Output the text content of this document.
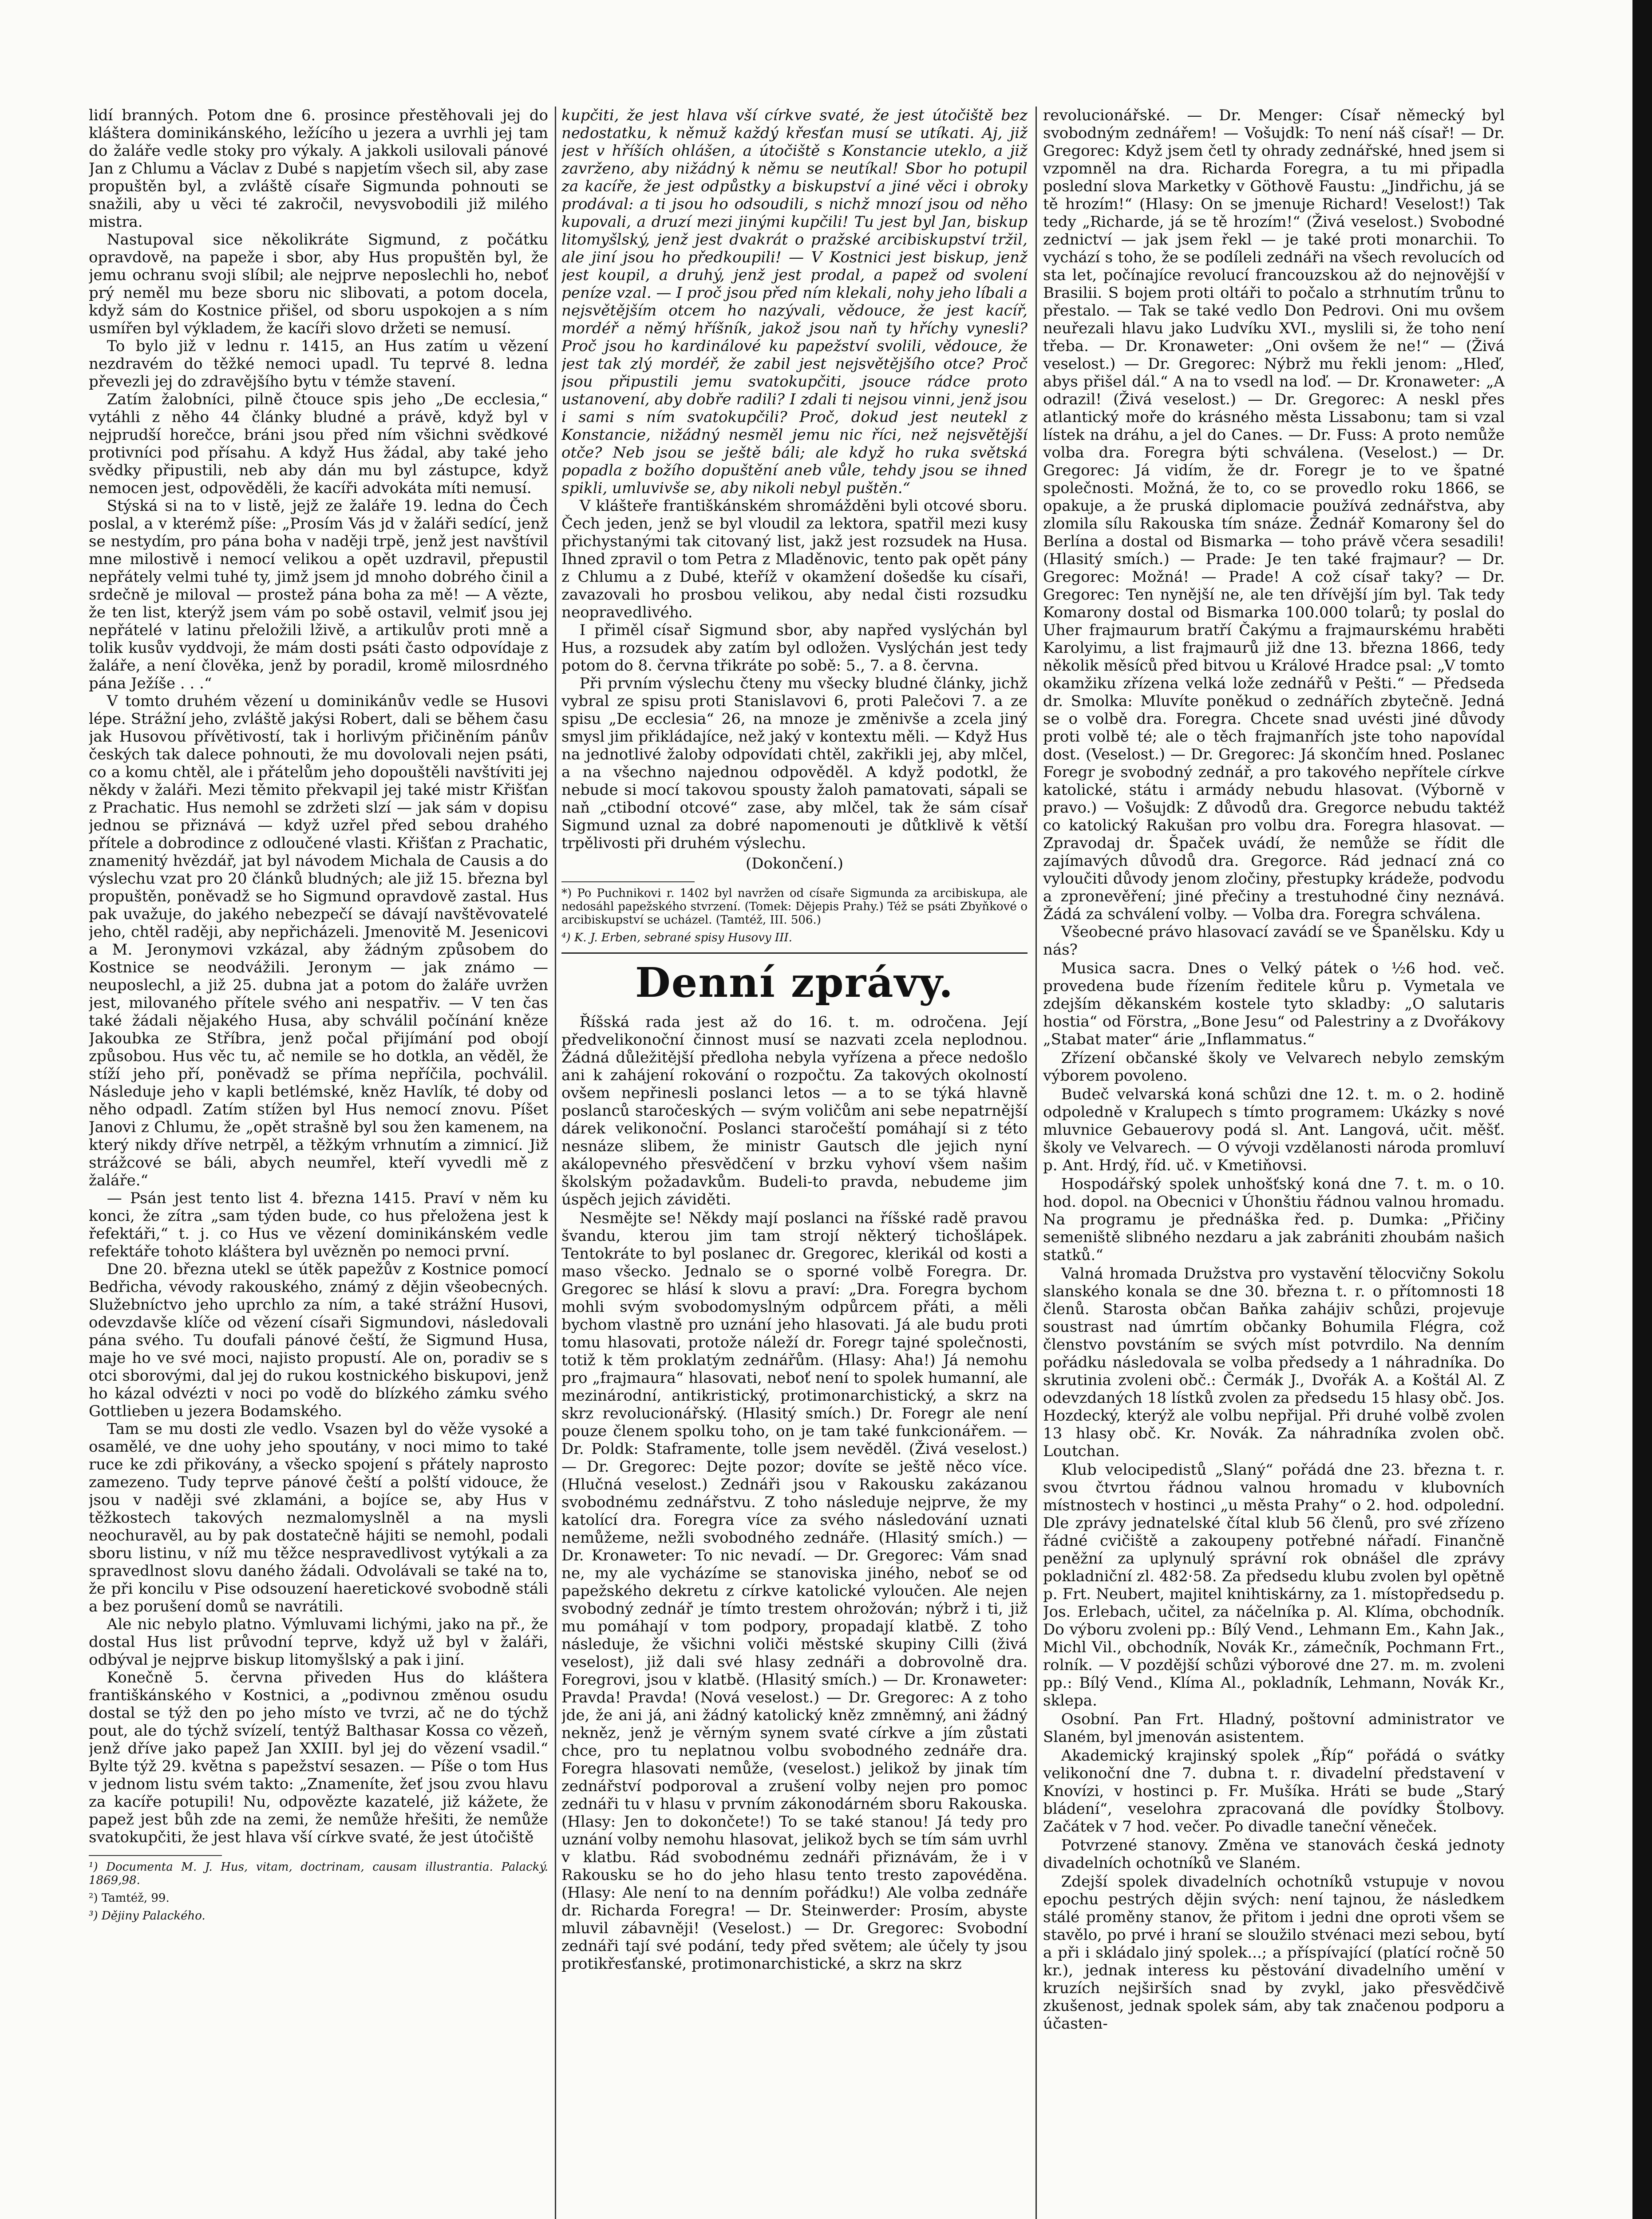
lidí branných. Potom dne 6. prosince přestěhovali jej do kláštera dominikánského, ležícího u jezera a uvrhli jej tam do žaláře vedle stoky pro výkaly. A jakkoli usilovali pánové Jan z Chlumu a Václav z Dubé s napjetím všech sil, aby zase propuštěn byl, a zvláště císaře Sigmunda pohnouti se snažili, aby u věci té zakročil, nevysvobodili již milého mistra.

Nastupoval sice několikráte Sigmund, z počátku opravdově, na papeže i sbor, aby Hus propuštěn byl, že jemu ochranu svoji slíbil; ale nejprve neposlechli ho, neboť prý neměl mu beze sboru nic slibovati, a potom docela, když sám do Kostnice přišel, od sboru uspokojen a s ním usmířen byl výkladem, že kacíři slovo držeti se nemusí.

To bylo již v lednu r. 1415, an Hus zatím u vězení nezdravém do těžké nemoci upadl. Tu teprvé 8. ledna převezli jej do zdravějšího bytu v témže stavení.

Zatím žalobníci, pilně čtouce spis jeho „De ecclesia,“ vytáhli z něho 44 články bludné a právě, když byl v nejprudší horečce, bráni jsou před ním všichni svědkové protivníci pod přísahu. A když Hus žádal, aby také jeho svědky připustili, neb aby dán mu byl zástupce, když nemocen jest, odpověděli, že kacíři advokáta míti nemusí.

Stýská si na to v listě, jejž ze žaláře 19. ledna do Čech poslal, a v kterémž píše: „Prosím Vás jd v žaláři sedící, jenž se nestydím, pro pána boha v naději trpě, jenž jest navštívil mne milostivě i nemocí velikou a opět uzdravil, přepustil nepřátely velmi tuhé ty, jimž jsem jd mnoho dobrého činil a srdečně je miloval — prostež pána boha za mě! — A vězte, že ten list, kterýž jsem vám po sobě ostavil, velmiť jsou jej nepřátelé v latinu přeložili lživě, a artikulův proti mně a tolik kusův vyddvoji, že mám dosti psáti často odpovídaje z žaláře, a není člověka, jenž by poradil, kromě milosrdného pána Ježíše . . .“

V tomto druhém vězení u dominikánův vedle se Husovi lépe. Strážní jeho, zvláště jakýsi Robert, dali se během času jak Husovou přívětivostí, tak i horlivým přičiněním pánův českých tak dalece pohnouti, že mu dovolovali nejen psáti, co a komu chtěl, ale i přátelům jeho dopouštěli navštíviti jej někdy v žaláři. Mezi těmito překvapil jej také mistr Křišťan z Prachatic. Hus nemohl se zdržeti slzí — jak sám v dopisu jednou se přiznává — když uzřel před sebou drahého přítele a dobrodince z odloučené vlasti. Křišťan z Prachatic, znamenitý hvězdář, jat byl návodem Michala de Causis a do výslechu vzat pro 20 článků bludných; ale již 15. března byl propuštěn, poněvadž se ho Sigmund opravdově zastal. Hus pak uvažuje, do jakého nebezpečí se dávají navštěvovatelé jeho, chtěl raději, aby nepřicházeli. Jmenovitě M. Jesenicovi a M. Jeronymovi vzkázal, aby žádným způsobem do Kostnice se neodvážili. Jeronym — jak známo — neuposlechl, a již 25. dubna jat a potom do žaláře uvržen jest, milovaného přítele svého ani nespatřiv. — V ten čas také žádali nějakého Husa, aby schválil počínání kněze Jakoubka ze Stříbra, jenž počal přijímání pod obojí způsobou. Hus věc tu, ač nemile se ho dotkla, an věděl, že stíží jeho pří, poněvadž se příma nepříčila, pochválil. Následuje jeho v kapli betlémské, kněz Havlík, té doby od něho odpadl. Zatím stížen byl Hus nemocí znovu. Píšet Janovi z Chlumu, že „opět strašně byl sou žen kamenem, na který nikdy dříve netrpěl, a těžkým vrhnutím a zimnicí. Již strážcové se báli, abych neumřel, kteří vyvedli mě z žaláře.“

— Psán jest tento list 4. března 1415. Praví v něm ku konci, že zítra „sam týden bude, co hus přeložena jest k řefektáři,“ t. j. co Hus ve vězení dominikánském vedle refektáře tohoto kláštera byl uvězněn po nemoci první.

Dne 20. března utekl se útěk papežův z Kostnice pomocí Bedřicha, vévody rakouského, známý z dějin všeobecných. Služebníctvo jeho uprchlo za ním, a také strážní Husovi, odevzdavše klíče od vězení císaři Sigmundovi, následovali pána svého. Tu doufali pánové čeští, že Sigmund Husa, maje ho ve své moci, najisto propustí. Ale on, poradiv se s otci sborovými, dal jej do rukou kostnického biskupovi, jenž ho kázal odvézti v noci po vodě do blízkého zámku svého Gottlieben u jezera Bodamského.

Tam se mu dosti zle vedlo. Vsazen byl do věže vysoké a osamělé, ve dne uohy jeho spoutány, v noci mimo to také ruce ke zdi přikovány, a všecko spojení s přátely naprosto zamezeno. Tudy teprve pánové čeští a polští vidouce, že jsou v naději své zklamáni, a bojíce se, aby Hus v těžkostech takových nezmalomyslněl a na mysli neochuravěl, au by pak dostatečně hájiti se nemohl, podali sboru listinu, v níž mu těžce nespravedlivost vytýkali a za spravedlnost slovu daného žádali. Odvolávali se také na to, že při koncilu v Pise odsouzení haeretickové svobodně stáli a bez porušení domů se navrátili.

Ale nic nebylo platno. Výmluvami lichými, jako na př., že dostal Hus list průvodní teprve, když už byl v žaláři, odbýval je nejprve biskup litomyšlský a pak i jiní.

Konečně 5. června přiveden Hus do kláštera františkánského v Kostnici, a „podivnou změnou osudu dostal se týž den po jeho místo ve tvrzi, ač ne do týchž pout, ale do týchž svízelí, tentýž Balthasar Kossa co vězeň, jenž dříve jako papež Jan XXIII. byl jej do vězení vsadil.“ Bylte týž 29. května s papežství sesazen. — Píše o tom Hus v jednom listu svém takto: „Znameníte, žeť jsou zvou hlavu za kacíře potupili! Nu, odpovězte kazatelé, již kážete, že papež jest bůh zde na zemi, že nemůže hřešiti, že nemůže svatokupčiti, že jest hlava vší církve svaté, že jest útočiště

¹) Documenta M. J. Hus, vitam, doctrinam, causam illustrantia. Palacký. 1869,98.

²) Tamtéž, 99.

³) Dějiny Palackého.

kupčiti, že jest hlava vší církve svaté, že jest útočiště bez nedostatku, k němuž každý křesťan musí se utíkati. Aj, již jest v hříších ohlášen, a útočiště s Konstancie uteklo, a již zavrženo, aby nižádný k němu se neutíkal! Sbor ho potupil za kacíře, že jest odpůstky a biskupství a jiné věci i obroky prodával: a ti jsou ho odsoudili, s nichž mnozí jsou od něho kupovali, a druzí mezi jinými kupčili! Tu jest byl Jan, biskup litomyšlský, jenž jest dvakrát o pražské arcibiskupství tržil, ale jiní jsou ho předkoupili! — V Kostnici jest biskup, jenž jest koupil, a druhý, jenž jest prodal, a papež od svolení peníze vzal. — I proč jsou před ním klekali, nohy jeho líbali a nejsvětějším otcem ho nazývali, vědouce, že jest kacíř, mordéř a němý hříšník, jakož jsou naň ty hříchy vynesli? Proč jsou ho kardinálové ku papežství svolili, vědouce, že jest tak zlý mordéř, že zabil jest nejsvětějšího otce? Proč jsou připustili jemu svatokupčiti, jsouce rádce proto ustanovení, aby dobře radili? I zdali ti nejsou vinni, jenž jsou i sami s ním svatokupčili? Proč, dokud jest neutekl z Konstancie, nižádný nesměl jemu nic říci, než nejsvětější otče? Neb jsou se ještě báli; ale když ho ruka světská popadla z božího dopuštění aneb vůle, tehdy jsou se ihned spikli, umluvivše se, aby nikoli nebyl puštěn.“

V klášteře františkánském shromážděni byli otcové sboru. Čech jeden, jenž se byl vloudil za lektora, spatřil mezi kusy přichystanými tak citovaný list, jakž jest rozsudek na Husa. Ihned zpravil o tom Petra z Mladěnovic, tento pak opět pány z Chlumu a z Dubé, kteříž v okamžení došedše ku císaři, zavazovali ho prosbou velikou, aby nedal čisti rozsudku neopravedlivého.

I přiměl císař Sigmund sbor, aby napřed vyslýchán byl Hus, a rozsudek aby zatím byl odložen. Vyslýchán jest tedy potom do 8. června třikráte po sobě: 5., 7. a 8. června.

Při prvním výslechu čteny mu všecky bludné články, jichž vybral ze spisu proti Stanislavovi 6, proti Palečovi 7. a ze spisu „De ecclesia“ 26, na mnoze je změnivše a zcela jiný smysl jim přikládajíce, než jaký v kontextu měli. — Když Hus na jednotlivé žaloby odpovídati chtěl, zakřikli jej, aby mlčel, a na všechno najednou odpověděl. A když podotkl, že nebude si mocí takovou spousty žaloh pamatovati, sápali se naň „ctibodní otcové“ zase, aby mlčel, tak že sám císař Sigmund uznal za dobré napomenouti je důtklivě k větší trpělivosti při druhém výslechu.

(Dokončení.)

*) Po Puchnikovi r. 1402 byl navržen od císaře Sigmunda za arcibiskupa, ale nedosáhl papežského stvrzení. (Tomek: Dějepis Prahy.) Též se psáti Zbyňkové o arcibiskupství se ucházel. (Tamtéž, III. 506.)

⁴) K. J. Erben, sebrané spisy Husovy III.

Denní zprávy.

Říšská rada jest až do 16. t. m. odročena. Její předvelikonoční činnost musí se nazvati zcela neplodnou. Žádná důležitější předloha nebyla vyřízena a přece nedošlo ani k zahájení rokování o rozpočtu. Za takových okolností ovšem nepřinesli poslanci letos — a to se týká hlavně poslanců staročeských — svým voličům ani sebe nepatrnější dárek velikonoční. Poslanci staročeští pomáhají si z této nesnáze slibem, že ministr Gautsch dle jejich nyní akálopevného přesvědčení v brzku vyhoví všem našim školským požadavkům. Budeli-to pravda, nebudeme jim úspěch jejich záviděti.

Nesmějte se! Někdy mají poslanci na říšské radě pravou švandu, kterou jim tam strojí některý tichošlápek. Tentokráte to byl poslanec dr. Gregorec, klerikál od kosti a maso všecko. Jednalo se o sporné volbě Foregra. Dr. Gregorec se hlásí k slovu a praví: „Dra. Foregra bychom mohli svým svobodomyslným odpůrcem přáti, a měli bychom vlastně pro uznání jeho hlasovati. Já ale budu proti tomu hlasovati, protože náleží dr. Foregr tajné společnosti, totiž k těm proklatým zednářům. (Hlasy: Aha!) Já nemohu pro „frajmaura“ hlasovati, neboť není to spolek humanní, ale mezinárodní, antikristický, protimonarchistický, a skrz na skrz revolucionářský. (Hlasitý smích.) Dr. Foregr ale není pouze členem spolku toho, on je tam také funkcionářem. — Dr. Poldk: Staframente, tolle jsem nevěděl. (Živá veselost.) — Dr. Gregorec: Dejte pozor; dovíte se ještě něco více. (Hlučná veselost.) Zednáři jsou v Rakousku zakázanou svobodnému zednářstvu. Z toho následuje nejprve, že my katolící dra. Foregra více za svého následování uznati nemůžeme, nežli svobodného zednáře. (Hlasitý smích.) — Dr. Kronaweter: To nic nevadí. — Dr. Gregorec: Vám snad ne, my ale vycházíme se stanoviska jiného, neboť se od papežského dekretu z církve katolické vyloučen. Ale nejen svobodný zednář je tímto trestem ohrožován; nýbrž i ti, již mu pomáhají v tom podpory, propadají klatbě. Z toho následuje, že všichni voliči městské skupiny Cilli (živá veselost), již dali své hlasy zednáři a dobrovolně dra. Foregrovi, jsou v klatbě. (Hlasitý smích.) — Dr. Kronaweter: Pravda! Pravda! (Nová veselost.) — Dr. Gregorec: A z toho jde, že ani já, ani žádný katolický kněz zmněmný, ani žádný nekněz, jenž je věrným synem svaté církve a jím zůstati chce, pro tu neplatnou volbu svobodného zednáře dra. Foregra hlasovati nemůže, (veselost.) jelikož by jinak tím zednářství podporoval a zrušení volby nejen pro pomoc zednáři tu v hlasu v prvním zákonodárném sboru Rakouska. (Hlasy: Jen to dokončete!) To se také stanou! Já tedy pro uznání volby nemohu hlasovat, jelikož bych se tím sám uvrhl v klatbu. Rád svobodnému zednáři přiznávám, že i v Rakousku se ho do jeho hlasu tento tresto zapovéděna. (Hlasy: Ale není to na denním pořádku!) Ale volba zednáře dr. Richarda Foregra! — Dr. Steinwerder: Prosím, abyste mluvil zábavněji! (Veselost.) — Dr. Gregorec: Svobodní zednáři tají své podání, tedy před světem; ale účely ty jsou protikřesťanské, protimonarchistické, a skrz na skrz

revolucionářské. — Dr. Menger: Císař německý byl svobodným zednářem! — Vošujdk: To není náš císař! — Dr. Gregorec: Když jsem četl ty ohrady zednářské, hned jsem si vzpomněl na dra. Richarda Foregra, a tu mi připadla poslední slova Marketky v Göthově Faustu: „Jindřichu, já se tě hrozím!“ (Hlasy: On se jmenuje Richard! Veselost!) Tak tedy „Richarde, já se tě hrozím!“ (Živá veselost.) Svobodné zednictví — jak jsem řekl — je také proti monarchii. To vychází s toho, že se podíleli zednáři na všech revolucích od sta let, počínajíce revolucí francouzskou až do nejnovější v Brasilii. S bojem proti oltáři to počalo a strhnutím trůnu to přestalo. — Tak se také vedlo Don Pedrovi. Oni mu ovšem neuřezali hlavu jako Ludvíku XVI., myslili si, že toho není třeba. — Dr. Kronaweter: „Oni ovšem že ne!“ — (Živá veselost.) — Dr. Gregorec: Nýbrž mu řekli jenom: „Hleď, abys přišel dál.“ A na to vsedl na loď. — Dr. Kronaweter: „A odrazil! (Živá veselost.) — Dr. Gregorec: A neskl přes atlantický moře do krásného města Lissabonu; tam si vzal lístek na dráhu, a jel do Canes. — Dr. Fuss: A proto nemůže volba dra. Foregra býti schválena. (Veselost.) — Dr. Gregorec: Já vidím, že dr. Foregr je to ve špatné společnosti. Možná, že to, co se provedlo roku 1866, se opakuje, a že pruská diplomacie používá zednářstva, aby zlomila sílu Rakouska tím snáze. Žednář Komarony šel do Berlína a dostal od Bismarka — toho právě včera sesadili! (Hlasitý smích.) — Prade: Je ten také frajmaur? — Dr. Gregorec: Možná! — Prade! A což císař taky? — Dr. Gregorec: Ten nynější ne, ale ten dřívější jím byl. Tak tedy Komarony dostal od Bismarka 100.000 tolarů; ty poslal do Uher frajmaurum bratří Čakýmu a frajmaurskému hraběti Karolyimu, a list frajmaurů již dne 13. března 1866, tedy několik měsíců před bitvou u Králové Hradce psal: „V tomto okamžiku zřízena velká lože zednářů v Pešti.“ — Předseda dr. Smolka: Mluvíte poněkud o zednářích zbytečně. Jedná se o volbě dra. Foregra. Chcete snad uvésti jiné důvody proti volbě té; ale o těch frajmanřích jste toho napovídal dost. (Veselost.) — Dr. Gregorec: Já skončím hned. Poslanec Foregr je svobodný zednář, a pro takového nepřítele církve katolické, státu i armády nebudu hlasovat. (Výborně v pravo.) — Vošujdk: Z důvodů dra. Gregorce nebudu taktéž co katolický Rakušan pro volbu dra. Foregra hlasovat. — Zpravodaj dr. Špaček uvádí, že nemůže se řídit dle zajímavých důvodů dra. Gregorce. Rád jednací zná co vyloučiti důvody jenom zločiny, přestupky krádeže, podvodu a zpronevěření; jiné přečiny a trestuhodné činy neznává. Žádá za schválení volby. — Volba dra. Foregra schválena.

Všeobecné právo hlasovací zavádí se ve Španělsku. Kdy u nás?

Musica sacra. Dnes o Velký pátek o ½6 hod. več. provedena bude řízením ředitele kůru p. Vymetala ve zdejším děkanském kostele tyto skladby: „O salutaris hostia“ od Förstra, „Bone Jesu“ od Palestriny a z Dvořákovy „Stabat mater“ árie „Inflammatus.“

Zřízení občanské školy ve Velvarech nebylo zemským výborem povoleno.

Budeč velvarská koná schůzi dne 12. t. m. o 2. hodině odpoledně v Kralupech s tímto programem: Ukázky s nové mluvnice Gebauerovy podá sl. Ant. Langová, učit. měšť. školy ve Velvarech. — O vývoji vzdělanosti národa promluví p. Ant. Hrdý, říd. uč. v Kmetiňovsi.

Hospodářský spolek unhošťský koná dne 7. t. m. o 10. hod. dopol. na Obecnici v Úhonštiu řádnou valnou hromadu. Na programu je přednáška řed. p. Dumka: „Přičiny semeniště slibného nezdaru a jak zabrániti zhoubám našich statků.“

Valná hromada Družstva pro vystavění tělocvičny Sokolu slanského konala se dne 30. března t. r. o přítomnosti 18 členů. Starosta občan Baňka zahájiv schůzi, projevuje soustrast nad úmrtím občanky Bohumila Flégra, což členstvo povstáním se svých míst potvrdilo. Na denním pořádku následovala se volba předsedy a 1 náhradníka. Do skrutinia zvoleni obč.: Čermák J., Dvořák A. a Koštál Al. Z odevzdaných 18 lístků zvolen za předsedu 15 hlasy obč. Jos. Hozdecký, kterýž ale volbu nepřijal. Při druhé volbě zvolen 13 hlasy obč. Kr. Novák. Za náhradníka zvolen obč. Loutchan.

Klub velocipedistů „Slaný“ pořádá dne 23. března t. r. svou čtvrtou řádnou valnou hromadu v klubovních místnostech v hostinci „u města Prahy“ o 2. hod. odpolední. Dle zprávy jednatelské čítal klub 56 členů, pro své zřízeno řádné cvičiště a zakoupeny potřebné nářadí. Finančně peněžní za uplynulý správní rok obnášel dle zprávy pokladniční zl. 482·58. Za předsedu klubu zvolen byl opětně p. Frt. Neubert, majitel knihtiskárny, za 1. místopředsedu p. Jos. Erlebach, učitel, za náčelníka p. Al. Klíma, obchodník. Do výboru zvoleni pp.: Bílý Vend., Lehmann Em., Kahn Jak., Michl Vil., obchodník, Novák Kr., zámečník, Pochmann Frt., rolník. — V pozdější schůzi výborové dne 27. m. m. zvoleni pp.: Bílý Vend., Klíma Al., pokladník, Lehmann, Novák Kr., sklepa.

Osobní. Pan Frt. Hladný, poštovní administrator ve Slaném, byl jmenován asistentem.

Akademický krajinský spolek „Říp“ pořádá o svátky velikonoční dne 7. dubna t. r. divadelní představení v Knovízi, v hostinci p. Fr. Mušíka. Hráti se bude „Starý bládení“, veselohra zpracovaná dle povídky Štolbovy. Začátek v 7 hod. večer. Po divadle taneční věneček.

Potvrzené stanovy. Změna ve stanovách česká jednoty divadelních ochotníků ve Slaném.

Zdejší spolek divadelních ochotníků vstupuje v novou epochu pestrých dějin svých: není tajnou, že následkem stálé proměny stanov, že přitom i jedni dne oproti všem se stavělo, po prvé i hraní se sloužilo stvénaci mezi sebou, bytí a při i skládalo jiný spolek...; a příspívající (platící ročně 50 kr.), jednak interess ku pěstování divadelního umění v kruzích nejširších snad by zvykl, jako přesvědčivě zkušenost, jednak spolek sám, aby tak značenou podporu a účasten-
